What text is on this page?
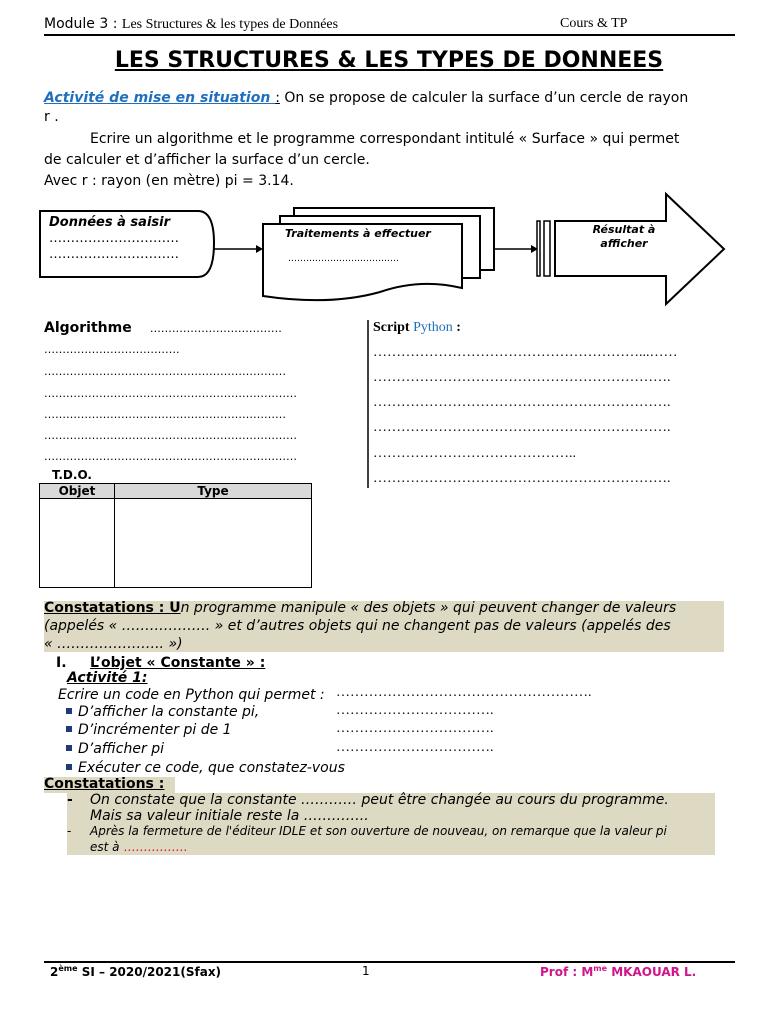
Module 3 : Les Structures & les types de Données	Cours & TP
LES STRUCTURES & LES TYPES DE DONNEES
Activité de mise en situation : On se propose de calculer la surface d’un cercle de rayon
r .
Ecrire un algorithme et le programme correspondant intitulé « Surface » qui permet
de calculer et d’afficher la surface d’un cercle.
Avec r : rayon (en mètre) pi = 3.14.
Données à saisir
…………………………
…………………………
Traitements à effectuer
……………………………….
Résultat à
afficher
Algorithme ………………………………
……………………………….
…………………………………………………………
……………………………………………………………
…………………………………………………………
……………………………………………………………
……………………………………………………………
Script Python :
…………………………………………………...……
……………………………………………………….
……………………………………………………….
……………………………………………………….
……………………………………..
……………………………………………………….
T.D.O.
Objet	Type

Constatations : Un programme manipule « des objets » qui peuvent changer de valeurs
(appelés « ………………. » et d’autres objets qui ne changent pas de valeurs (appelés des
« ………………….. »)
I. L’objet « Constante » :
Activité 1:
Ecrire un code en Python qui permet : ……………………………………………….
D’afficher la constante pi,	…………………………….
D’incrémenter pi de 1	…………………………….
D’afficher pi	…………………………….
Exécuter ce code, que constatez-vous
Constatations :
- On constate que la constante ………… peut être changée au cours du programme.
Mais sa valeur initiale reste la …………..
- Après la fermeture de l'éditeur IDLE et son ouverture de nouveau, on remarque que la valeur pi
est à …………….
2ème SI – 2020/2021(Sfax)	1	Prof : $M^{me}$ MKAOUAR L.
